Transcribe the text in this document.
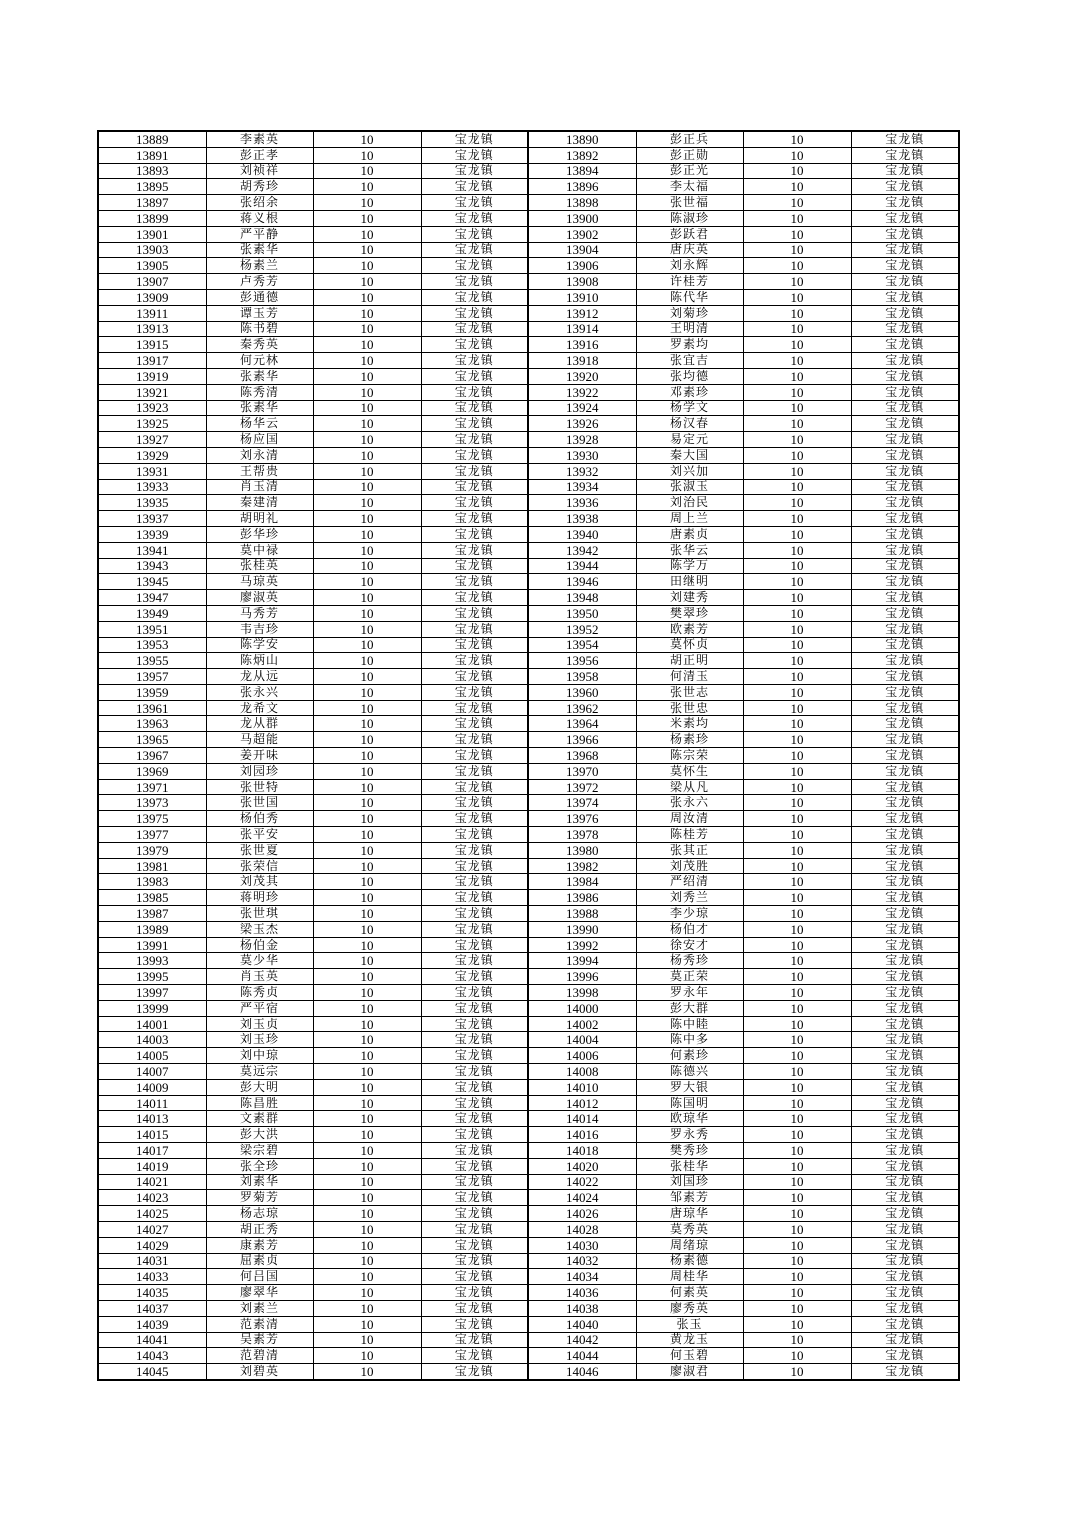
13889	李素英	10	宝龙镇	13890	彭正兵	10	宝龙镇
13891	彭正孝	10	宝龙镇	13892	彭正勋	10	宝龙镇
13893	刘祯祥	10	宝龙镇	13894	彭正光	10	宝龙镇
13895	胡秀珍	10	宝龙镇	13896	李太福	10	宝龙镇
13897	张绍余	10	宝龙镇	13898	张世福	10	宝龙镇
13899	蒋义根	10	宝龙镇	13900	陈淑珍	10	宝龙镇
13901	严平静	10	宝龙镇	13902	彭跃君	10	宝龙镇
13903	张素华	10	宝龙镇	13904	唐庆英	10	宝龙镇
13905	杨素兰	10	宝龙镇	13906	刘永辉	10	宝龙镇
13907	卢秀芳	10	宝龙镇	13908	许桂芳	10	宝龙镇
13909	彭通德	10	宝龙镇	13910	陈代华	10	宝龙镇
13911	谭玉芳	10	宝龙镇	13912	刘菊珍	10	宝龙镇
13913	陈书碧	10	宝龙镇	13914	王明清	10	宝龙镇
13915	秦秀英	10	宝龙镇	13916	罗素均	10	宝龙镇
13917	何元林	10	宝龙镇	13918	张宜吉	10	宝龙镇
13919	张素华	10	宝龙镇	13920	张均德	10	宝龙镇
13921	陈秀清	10	宝龙镇	13922	邓素珍	10	宝龙镇
13923	张素华	10	宝龙镇	13924	杨学文	10	宝龙镇
13925	杨华云	10	宝龙镇	13926	杨汉春	10	宝龙镇
13927	杨应国	10	宝龙镇	13928	易定元	10	宝龙镇
13929	刘永清	10	宝龙镇	13930	秦大国	10	宝龙镇
13931	王帮贵	10	宝龙镇	13932	刘兴加	10	宝龙镇
13933	肖玉清	10	宝龙镇	13934	张淑玉	10	宝龙镇
13935	秦建清	10	宝龙镇	13936	刘治民	10	宝龙镇
13937	胡明礼	10	宝龙镇	13938	周上兰	10	宝龙镇
13939	彭华珍	10	宝龙镇	13940	唐素贞	10	宝龙镇
13941	莫中禄	10	宝龙镇	13942	张华云	10	宝龙镇
13943	张桂英	10	宝龙镇	13944	陈学万	10	宝龙镇
13945	马琼英	10	宝龙镇	13946	田继明	10	宝龙镇
13947	廖淑英	10	宝龙镇	13948	刘建秀	10	宝龙镇
13949	马秀芳	10	宝龙镇	13950	樊翠珍	10	宝龙镇
13951	韦吉珍	10	宝龙镇	13952	欧素芳	10	宝龙镇
13953	陈学安	10	宝龙镇	13954	莫怀贞	10	宝龙镇
13955	陈炳山	10	宝龙镇	13956	胡正明	10	宝龙镇
13957	龙从远	10	宝龙镇	13958	何清玉	10	宝龙镇
13959	张永兴	10	宝龙镇	13960	张世志	10	宝龙镇
13961	龙希文	10	宝龙镇	13962	张世忠	10	宝龙镇
13963	龙从群	10	宝龙镇	13964	米素均	10	宝龙镇
13965	马超能	10	宝龙镇	13966	杨素珍	10	宝龙镇
13967	姜开味	10	宝龙镇	13968	陈宗荣	10	宝龙镇
13969	刘园珍	10	宝龙镇	13970	莫怀生	10	宝龙镇
13971	张世特	10	宝龙镇	13972	梁从凡	10	宝龙镇
13973	张世国	10	宝龙镇	13974	张永六	10	宝龙镇
13975	杨伯秀	10	宝龙镇	13976	周汝清	10	宝龙镇
13977	张平安	10	宝龙镇	13978	陈桂芳	10	宝龙镇
13979	张世夏	10	宝龙镇	13980	张其正	10	宝龙镇
13981	张荣信	10	宝龙镇	13982	刘茂胜	10	宝龙镇
13983	刘茂其	10	宝龙镇	13984	严绍清	10	宝龙镇
13985	蒋明珍	10	宝龙镇	13986	刘秀兰	10	宝龙镇
13987	张世琪	10	宝龙镇	13988	李少琼	10	宝龙镇
13989	梁玉杰	10	宝龙镇	13990	杨伯才	10	宝龙镇
13991	杨伯金	10	宝龙镇	13992	徐安才	10	宝龙镇
13993	莫少华	10	宝龙镇	13994	杨秀珍	10	宝龙镇
13995	肖玉英	10	宝龙镇	13996	莫正荣	10	宝龙镇
13997	陈秀贞	10	宝龙镇	13998	罗永年	10	宝龙镇
13999	严平宿	10	宝龙镇	14000	彭大群	10	宝龙镇
14001	刘玉贞	10	宝龙镇	14002	陈中睦	10	宝龙镇
14003	刘玉珍	10	宝龙镇	14004	陈中多	10	宝龙镇
14005	刘中琼	10	宝龙镇	14006	何素珍	10	宝龙镇
14007	莫远宗	10	宝龙镇	14008	陈德兴	10	宝龙镇
14009	彭大明	10	宝龙镇	14010	罗大银	10	宝龙镇
14011	陈昌胜	10	宝龙镇	14012	陈国明	10	宝龙镇
14013	文素群	10	宝龙镇	14014	欧琼华	10	宝龙镇
14015	彭大洪	10	宝龙镇	14016	罗永秀	10	宝龙镇
14017	梁宗碧	10	宝龙镇	14018	樊秀珍	10	宝龙镇
14019	张全珍	10	宝龙镇	14020	张桂华	10	宝龙镇
14021	刘素华	10	宝龙镇	14022	刘国珍	10	宝龙镇
14023	罗菊芳	10	宝龙镇	14024	邹素芳	10	宝龙镇
14025	杨志琼	10	宝龙镇	14026	唐琼华	10	宝龙镇
14027	胡正秀	10	宝龙镇	14028	莫秀英	10	宝龙镇
14029	康素芳	10	宝龙镇	14030	周绪琼	10	宝龙镇
14031	屈素贞	10	宝龙镇	14032	杨素德	10	宝龙镇
14033	何吕国	10	宝龙镇	14034	周桂华	10	宝龙镇
14035	廖翠华	10	宝龙镇	14036	何素英	10	宝龙镇
14037	刘素兰	10	宝龙镇	14038	廖秀英	10	宝龙镇
14039	范素清	10	宝龙镇	14040	张玉	10	宝龙镇
14041	吴素芳	10	宝龙镇	14042	黄龙玉	10	宝龙镇
14043	范碧清	10	宝龙镇	14044	何玉碧	10	宝龙镇
14045	刘碧英	10	宝龙镇	14046	廖淑君	10	宝龙镇
